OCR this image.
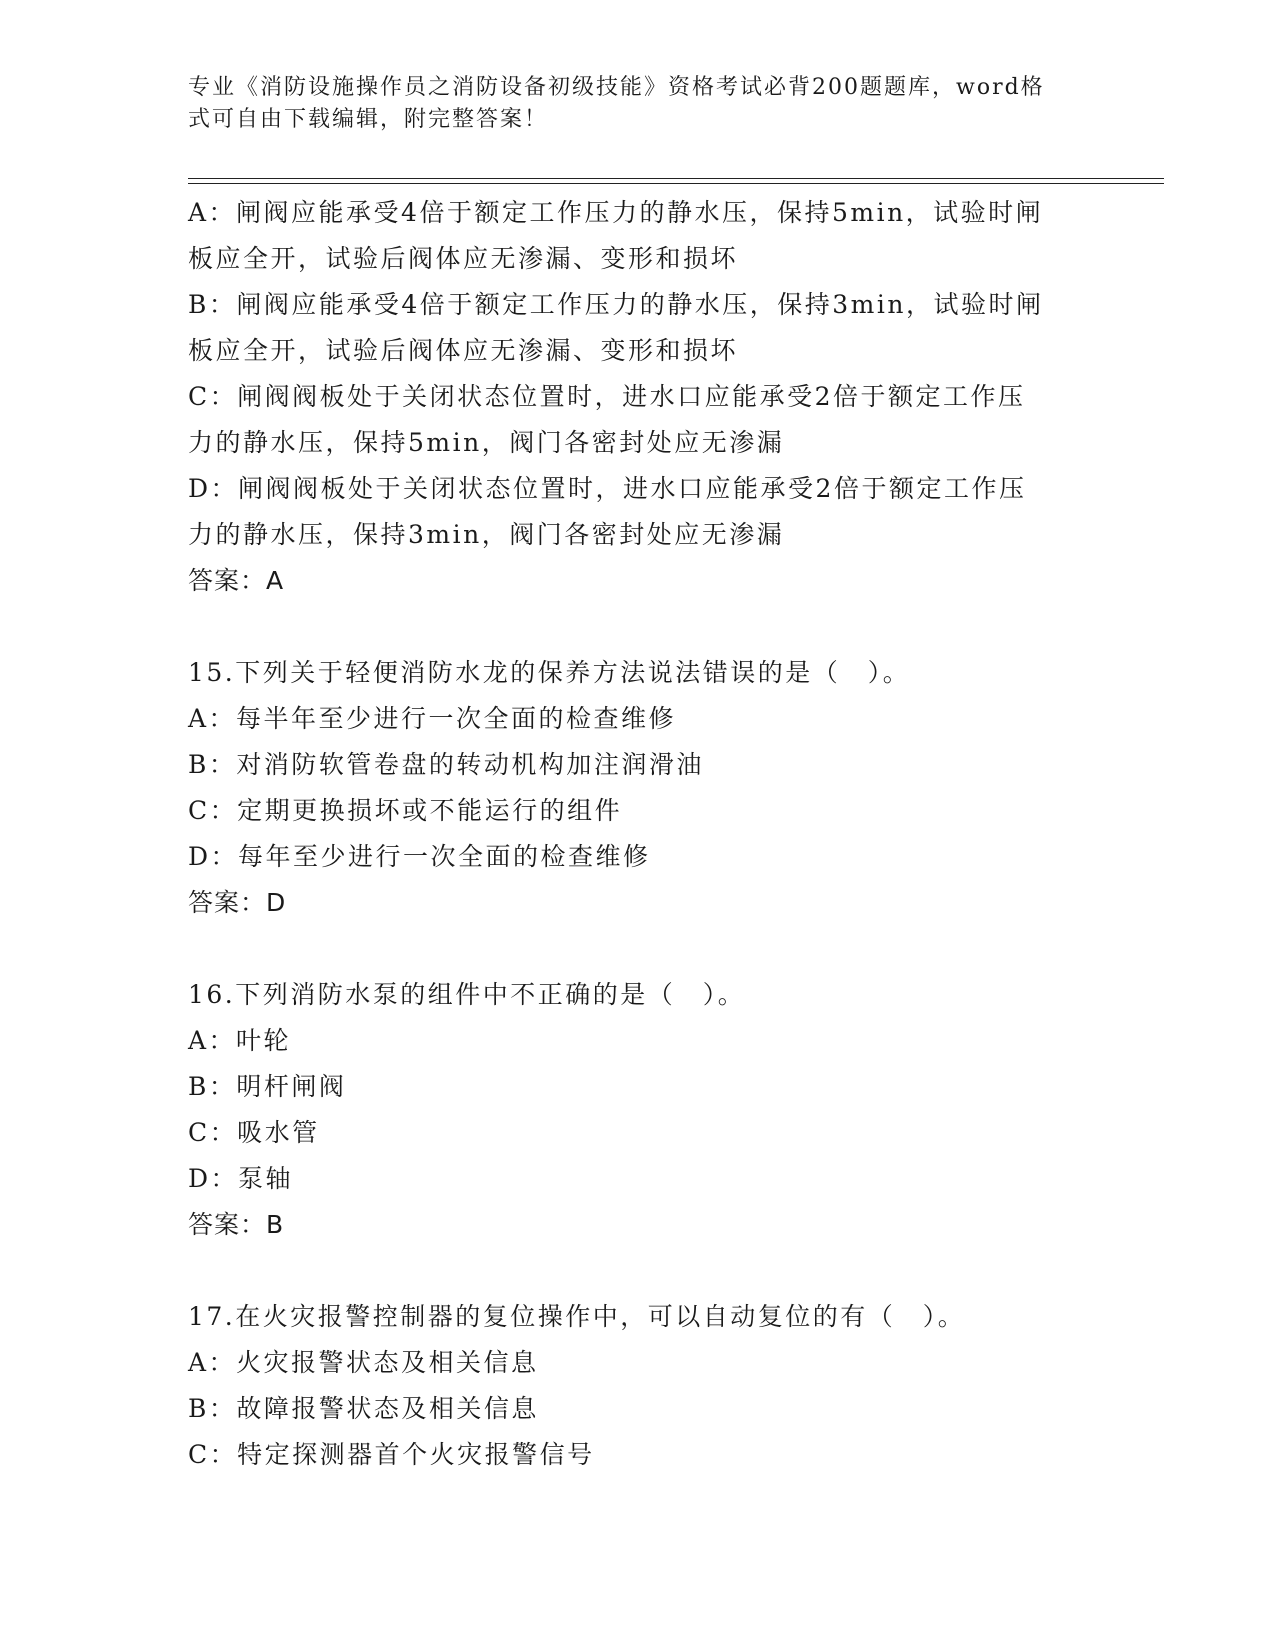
专业《消防设施操作员之消防设备初级技能》资格考试必背200题题库，word格
式可自由下载编辑，附完整答案！
A：闸阀应能承受4倍于额定工作压力的静水压，保持5min，试验时闸
板应全开，试验后阀体应无渗漏、变形和损坏
B：闸阀应能承受4倍于额定工作压力的静水压，保持3min，试验时闸
板应全开，试验后阀体应无渗漏、变形和损坏
C：闸阀阀板处于关闭状态位置时，进水口应能承受2倍于额定工作压
力的静水压，保持5min，阀门各密封处应无渗漏
D：闸阀阀板处于关闭状态位置时，进水口应能承受2倍于额定工作压
力的静水压，保持3min，阀门各密封处应无渗漏
答案：A
15.下列关于轻便消防水龙的保养方法说法错误的是（　）。
A：每半年至少进行一次全面的检查维修
B：对消防软管卷盘的转动机构加注润滑油
C：定期更换损坏或不能运行的组件
D：每年至少进行一次全面的检查维修
答案：D
16.下列消防水泵的组件中不正确的是（　）。
A：叶轮
B：明杆闸阀
C：吸水管
D：泵轴
答案：B
17.在火灾报警控制器的复位操作中，可以自动复位的有（　）。
A：火灾报警状态及相关信息
B：故障报警状态及相关信息
C：特定探测器首个火灾报警信号
